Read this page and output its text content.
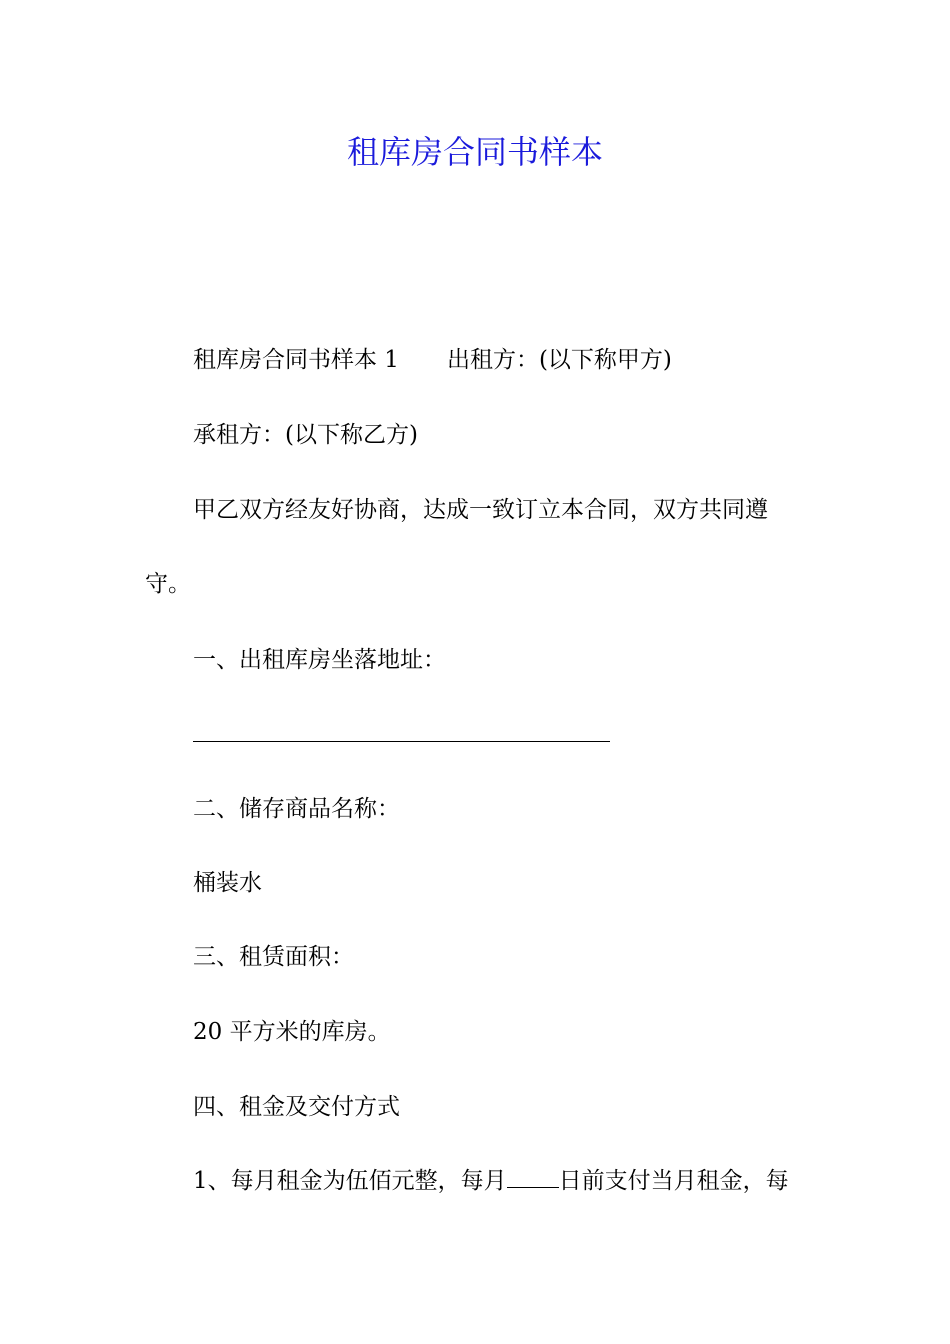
租库房合同书样本

租库房合同书样本 1 出租方：(以下称甲方)

承租方：(以下称乙方)

甲乙双方经友好协商，达成一致订立本合同，双方共同遵

守。

一、出租库房坐落地址：

二、储存商品名称：

桶装水

三、租赁面积：

20 平方米的库房。

四、租金及交付方式

1、每月租金为伍佰元整，每月 日前支付当月租金，每
